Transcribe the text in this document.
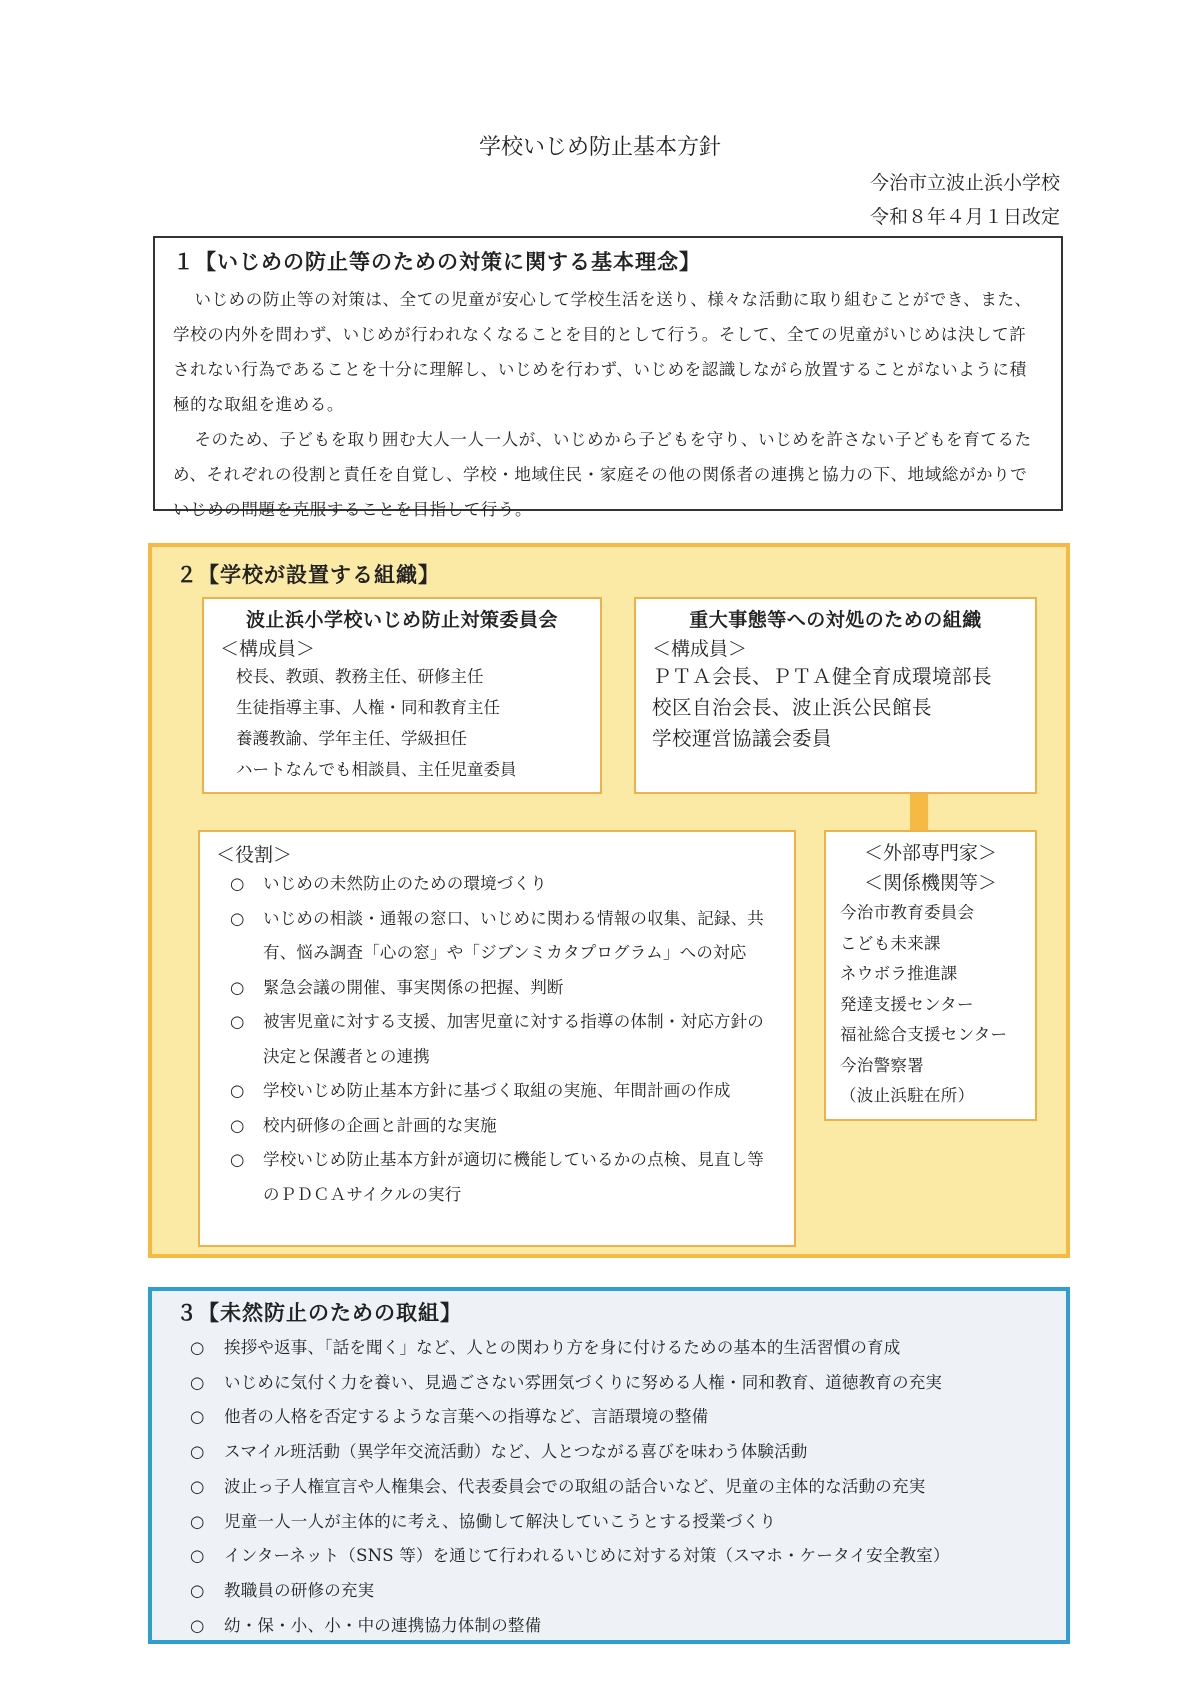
学校いじめ防止基本方針
今治市立波止浜小学校
令和８年４月１日改定
１【いじめの防止等のための対策に関する基本理念】

いじめの防止等の対策は、全ての児童が安心して学校生活を送り、様々な活動に取り組むことができ、また、学校の内外を問わず、いじめが行われなくなることを目的として行う。そして、全ての児童がいじめは決して許されない行為であることを十分に理解し、いじめを行わず、いじめを認識しながら放置することがないように積極的な取組を進める。

そのため、子どもを取り囲む大人一人一人が、いじめから子どもを守り、いじめを許さない子どもを育てるため、それぞれの役割と責任を自覚し、学校・地域住民・家庭その他の関係者の連携と協力の下、地域総がかりでいじめの問題を克服することを目指して行う。

２【学校が設置する組織】
波止浜小学校いじめ防止対策委員会
＜構成員＞
校長、教頭、教務主任、研修主任
生徒指導主事、人権・同和教育主任
養護教諭、学年主任、学級担任
ハートなんでも相談員、主任児童委員
重大事態等への対処のための組織
＜構成員＞
ＰＴＡ会長、ＰＴＡ健全育成環境部長
校区自治会長、波止浜公民館長
学校運営協議会委員
＜役割＞
○ いじめの未然防止のための環境づくり
○ いじめの相談・通報の窓口、いじめに関わる情報の収集、記録、共有、悩み調査「心の窓」や「ジブンミカタプログラム」への対応
○ 緊急会議の開催、事実関係の把握、判断
○ 被害児童に対する支援、加害児童に対する指導の体制・対応方針の決定と保護者との連携
○ 学校いじめ防止基本方針に基づく取組の実施、年間計画の作成
○ 校内研修の企画と計画的な実施
○ 学校いじめ防止基本方針が適切に機能しているかの点検、見直し等のＰＤＣＡサイクルの実行
＜外部専門家＞
＜関係機関等＞
今治市教育委員会
こども未来課
ネウボラ推進課
発達支援センター
福祉総合支援センター
今治警察署
（波止浜駐在所）
３【未然防止のための取組】
○ 挨拶や返事、「話を聞く」など、人との関わり方を身に付けるための基本的生活習慣の育成
○ いじめに気付く力を養い、見過ごさない雰囲気づくりに努める人権・同和教育、道徳教育の充実
○ 他者の人格を否定するような言葉への指導など、言語環境の整備
○ スマイル班活動（異学年交流活動）など、人とつながる喜びを味わう体験活動
○ 波止っ子人権宣言や人権集会、代表委員会での取組の話合いなど、児童の主体的な活動の充実
○ 児童一人一人が主体的に考え、協働して解決していこうとする授業づくり
○ インターネット（SNS 等）を通じて行われるいじめに対する対策（スマホ・ケータイ安全教室）
○ 教職員の研修の充実
○ 幼・保・小、小・中の連携協力体制の整備
